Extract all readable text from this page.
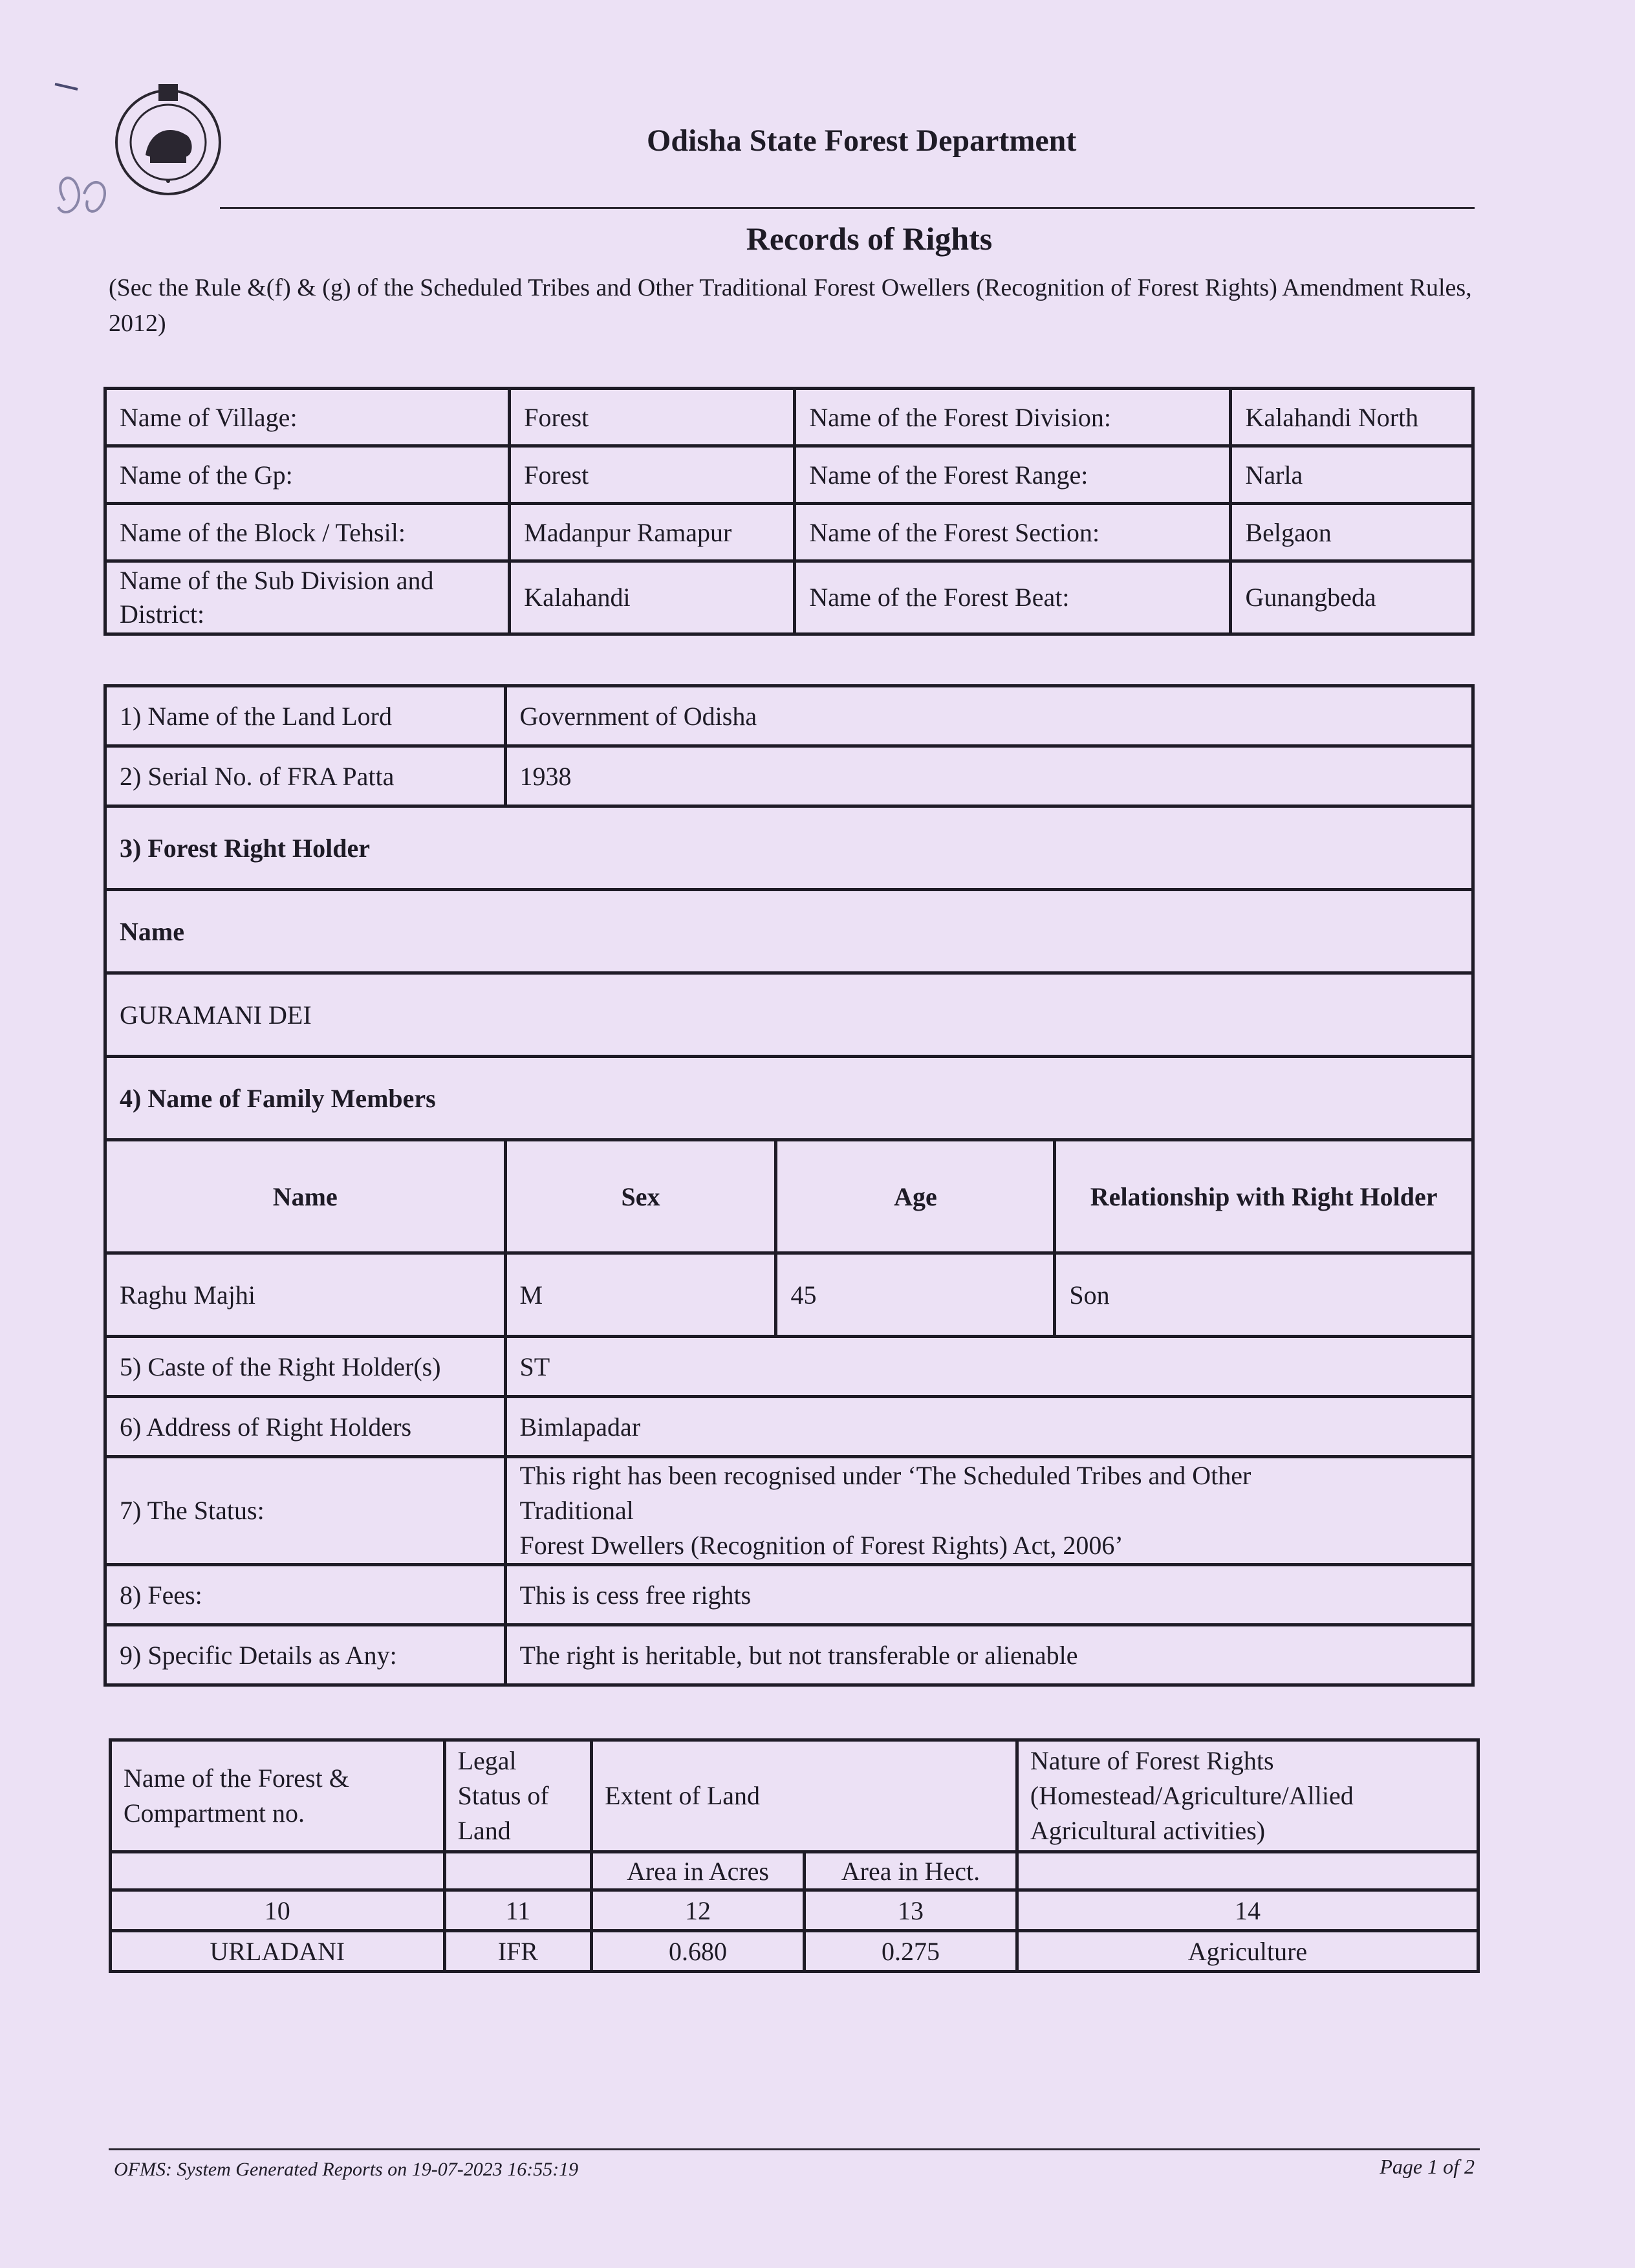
Odisha State Forest Department
Records of Rights
(Sec the Rule &(f) & (g) of the Scheduled Tribes and Other Traditional Forest Owellers (Recognition of Forest Rights) Amendment Rules, 2012)
Name of Village:	Forest	Name of the Forest Division:	Kalahandi North
Name of the Gp:	Forest	Name of the Forest Range:	Narla
Name of the Block / Tehsil:	Madanpur Ramapur	Name of the Forest Section:	Belgaon
Name of the Sub Division and District:	Kalahandi	Name of the Forest Beat:	Gunangbeda
1) Name of the Land Lord	Government of Odisha		
2) Serial No. of FRA Patta	1938		
3) Forest Right Holder			
Name			
GURAMANI DEI			
4) Name of Family Members			
Name	Sex	Age	Relationship with Right Holder
Raghu Majhi	M	45	Son
5) Caste of the Right Holder(s)	ST		
6) Address of Right Holders	Bimlapadar		
7) The Status:	This right has been recognised under ‘The Scheduled Tribes and Other
Traditional
Forest Dwellers (Recognition of Forest Rights) Act, 2006’		

8) Fees:	This is cess free rights		
9) Specific Details as Any:	The right is heritable, but not transferable or alienable		
Name of the Forest & Compartment no.	Legal Status of Land	Extent of Land		Nature of Forest Rights (Homestead/Agriculture/Allied Agricultural activities)
		Area in Acres	Area in Hect.	
10	11	12	13	14
URLADANI	IFR	0.680	0.275	Agriculture
OFMS: System Generated Reports on 19-07-2023 16:55:19	Page 1 of 2
